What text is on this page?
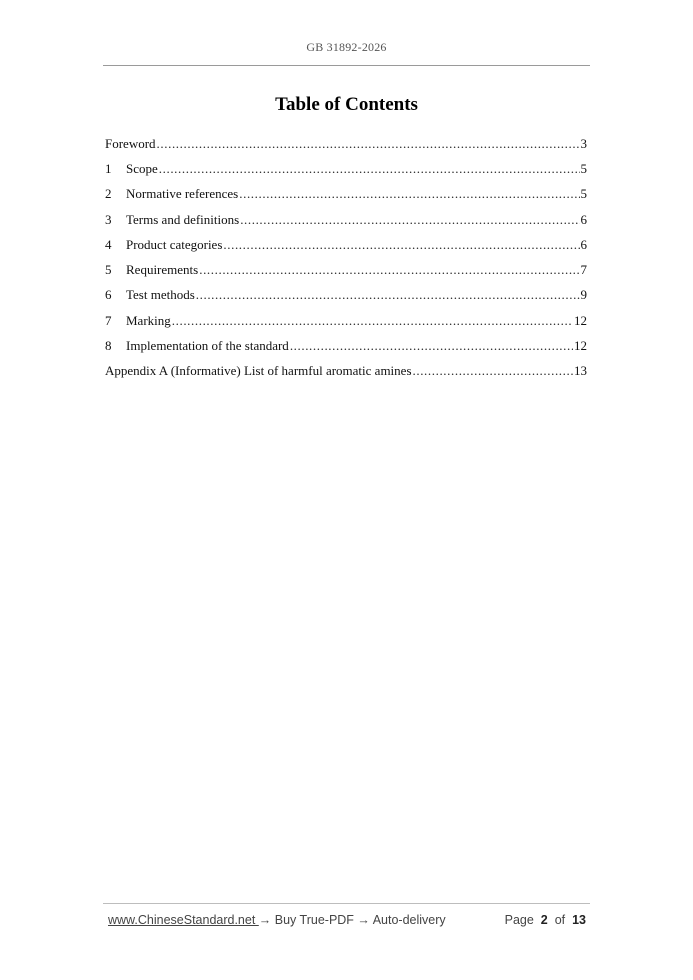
GB 31892-2026
Table of Contents
Foreword .....	3
1	Scope .....	5
2	Normative references .....	5
3	Terms and definitions .....	6
4	Product categories .....	6
5	Requirements .....	7
6	Test methods .....	9
7	Marking .....	12
8	Implementation of the standard .....	12
Appendix A (Informative) List of harmful aromatic amines .....	13
www.ChineseStandard.net → Buy True-PDF → Auto-delivery	Page 2 of 13
